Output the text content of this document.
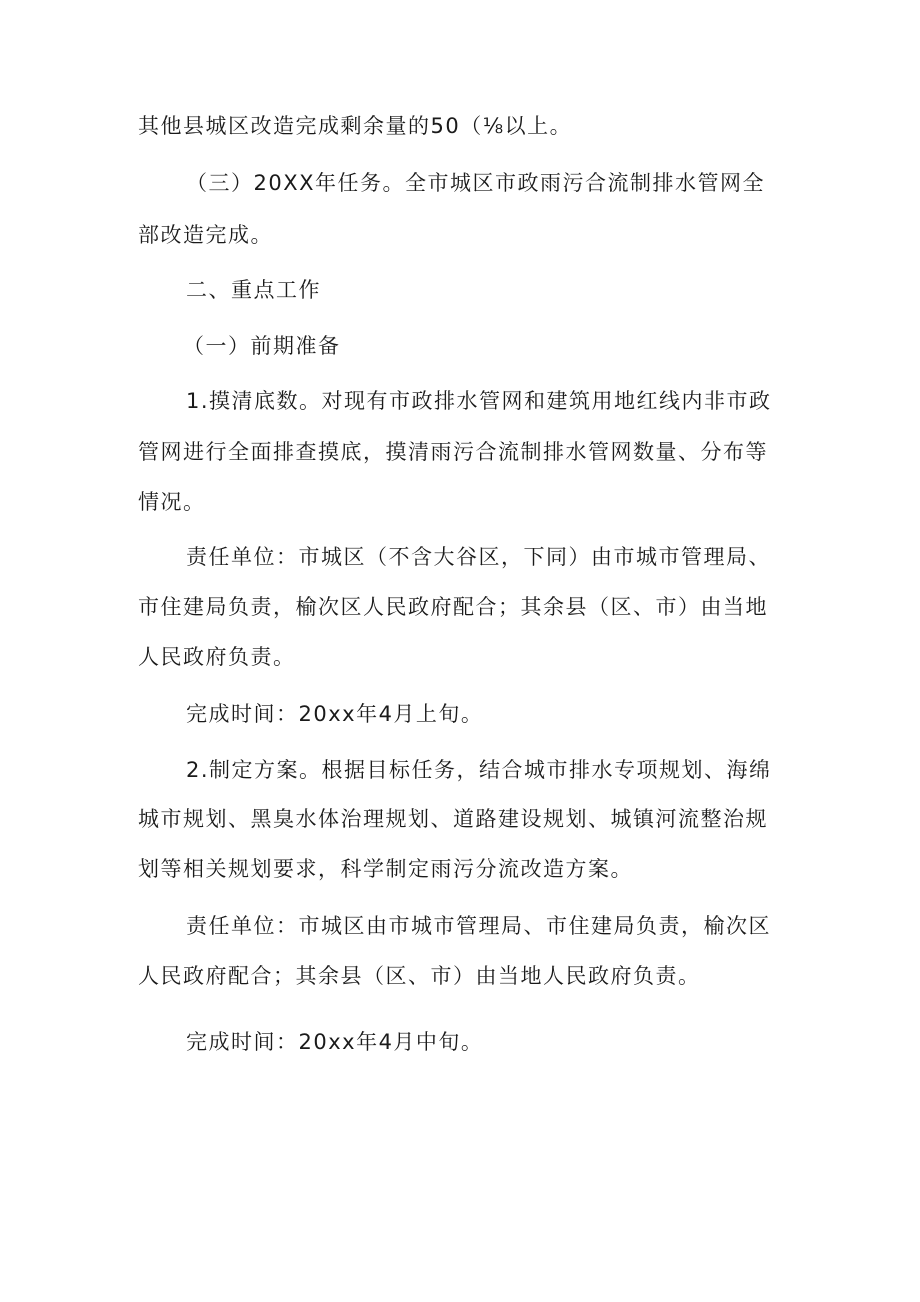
其他县城区改造完成剩余量的50（⅛以上。
（三）20XX年任务。全市城区市政雨污合流制排水管网全
部改造完成。
二、重点工作
（一）前期准备
1.摸清底数。对现有市政排水管网和建筑用地红线内非市政
管网进行全面排查摸底，摸清雨污合流制排水管网数量、分布等
情况。
责任单位：市城区（不含大谷区，下同）由市城市管理局、
市住建局负责，榆次区人民政府配合；其余县（区、市）由当地
人民政府负责。
完成时间：20xx年4月上旬。
2.制定方案。根据目标任务，结合城市排水专项规划、海绵
城市规划、黑臭水体治理规划、道路建设规划、城镇河流整治规
划等相关规划要求，科学制定雨污分流改造方案。
责任单位：市城区由市城市管理局、市住建局负责，榆次区
人民政府配合；其余县（区、市）由当地人民政府负责。
完成时间：20xx年4月中旬。
